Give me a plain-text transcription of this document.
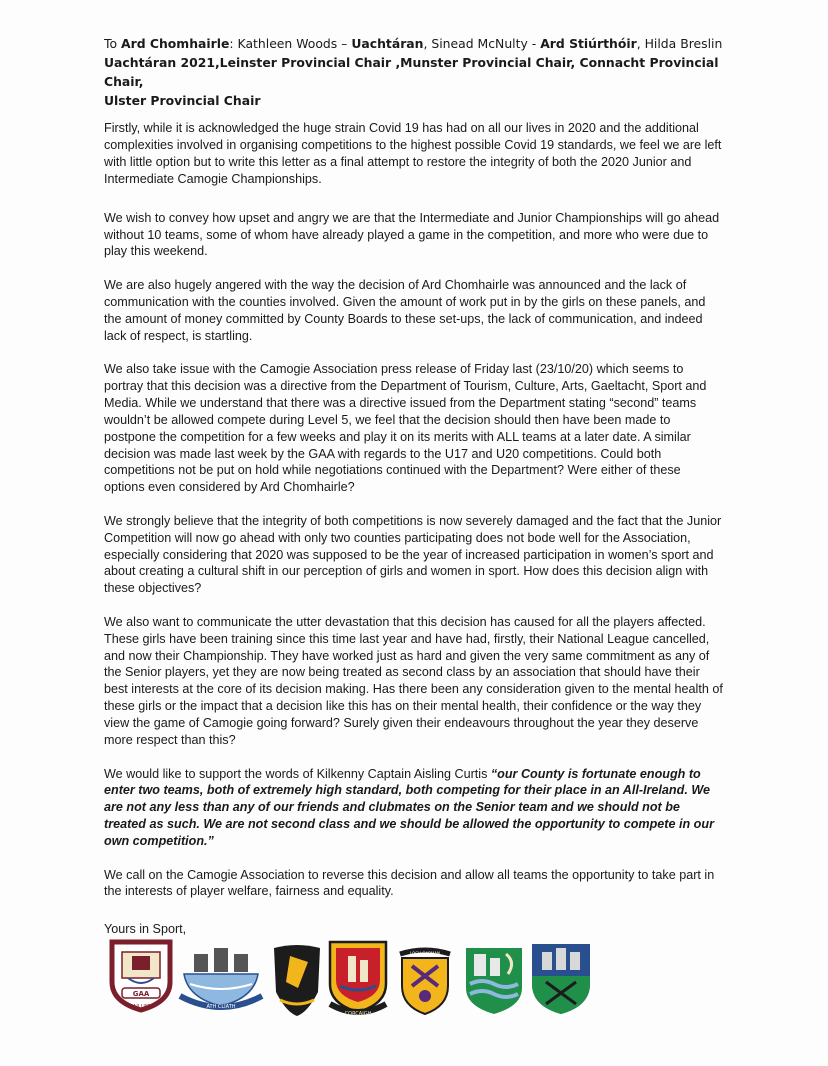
To Ard Chomhairle: Kathleen Woods – Uachtáran, Sinead McNulty - Ard Stiúrthóir, Hilda Breslin
Uachtáran 2021,Leinster Provincial Chair ,Munster Provincial Chair, Connacht Provincial Chair,
Ulster Provincial Chair

Firstly, while it is acknowledged the huge strain Covid 19 has had on all our lives in 2020 and the additional complexities involved in organising competitions to the highest possible Covid 19 standards, we feel we are left with little option but to write this letter as a final attempt to restore the integrity of both the 2020 Junior and Intermediate Camogie Championships.

We wish to convey how upset and angry we are that the Intermediate and Junior Championships will go ahead without 10 teams, some of whom have already played a game in the competition, and more who were due to play this weekend.

We are also hugely angered with the way the decision of Ard Chomhairle was announced and the lack of communication with the counties involved. Given the amount of work put in by the girls on these panels, and the amount of money committed by County Boards to these set-ups, the lack of communication, and indeed lack of respect, is startling.

We also take issue with the Camogie Association press release of Friday last (23/10/20) which seems to portray that this decision was a directive from the Department of Tourism, Culture, Arts, Gaeltacht, Sport and Media. While we understand that there was a directive issued from the Department stating “second” teams wouldn’t be allowed compete during Level 5, we feel that the decision should then have been made to postpone the competition for a few weeks and play it on its merits with ALL teams at a later date. A similar decision was made last week by the GAA with regards to the U17 and U20 competitions. Could both competitions not be put on hold while negotiations continued with the Department? Were either of these options even considered by Ard Chomhairle?

We strongly believe that the integrity of both competitions is now severely damaged and the fact that the Junior Competition will now go ahead with only two counties participating does not bode well for the Association, especially considering that 2020 was supposed to be the year of increased participation in women’s sport and about creating a cultural shift in our perception of girls and women in sport. How does this decision align with these objectives?

We also want to communicate the utter devastation that this decision has caused for all the players affected. These girls have been training since this time last year and have had, firstly, their National League cancelled, and now their Championship. They have worked just as hard and given the very same commitment as any of the Senior players, yet they are now being treated as second class by an association that should have their best interests at the core of its decision making. Has there been any consideration given to the mental health of these girls or the impact that a decision like this has on their mental health, their confidence or the way they view the game of Camogie going forward? Surely given their endeavours throughout the year they deserve more respect than this?

We would like to support the words of Kilkenny Captain Aisling Curtis “our County is fortunate enough to enter two teams, both of extremely high standard, both competing for their place in an All-Ireland. We are not any less than any of our friends and clubmates on the Senior team and we should not be treated as such. We are not second class and we should be allowed the opportunity to compete in our own competition.”

We call on the Camogie Association to reverse this decision and allow all teams the opportunity to take part in the interests of player welfare, fairness and equality.

Yours in Sport,
GAA
GAILLIMH	ÁTH CLIATH
CORCAIGH
LOCH GARMAN
